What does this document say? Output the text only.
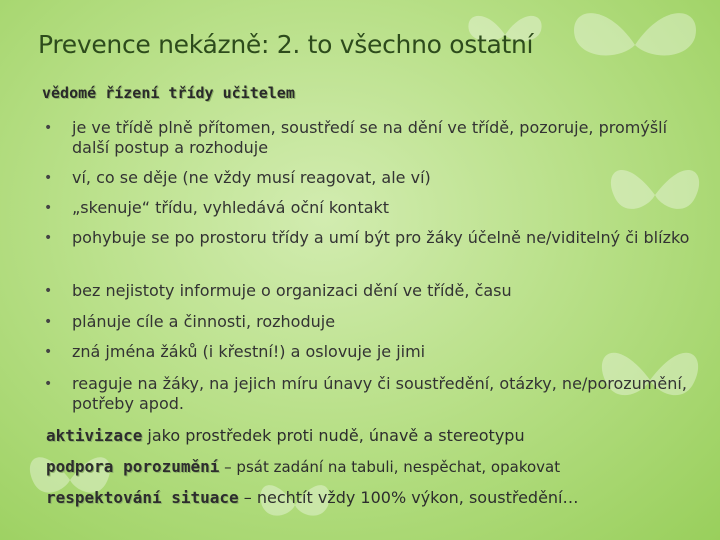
Prevence nekázně: 2. to všechno ostatní
vědomé řízení třídy učitelem
• je ve třídě plně přítomen, soustředí se na dění ve třídě, pozoruje, promýšlí další postup a rozhoduje
• ví, co se děje (ne vždy musí reagovat, ale ví)
• „skenuje“ třídu, vyhledává oční kontakt
• pohybuje se po prostoru třídy a umí být pro žáky účelně ne/viditelný či blízko
• bez nejistoty informuje o organizaci dění ve třídě, času
• plánuje cíle a činnosti, rozhoduje
• zná jména žáků (i křestní!) a oslovuje je jimi
• reaguje na žáky, na jejich míru únavy či soustředění, otázky, ne/porozumění, potřeby apod.
aktivizace jako prostředek proti nudě, únavě a stereotypu
podpora porozumění – psát zadání na tabuli, nespěchat, opakovat
respektování situace – nechtít vždy 100% výkon, soustředění…
